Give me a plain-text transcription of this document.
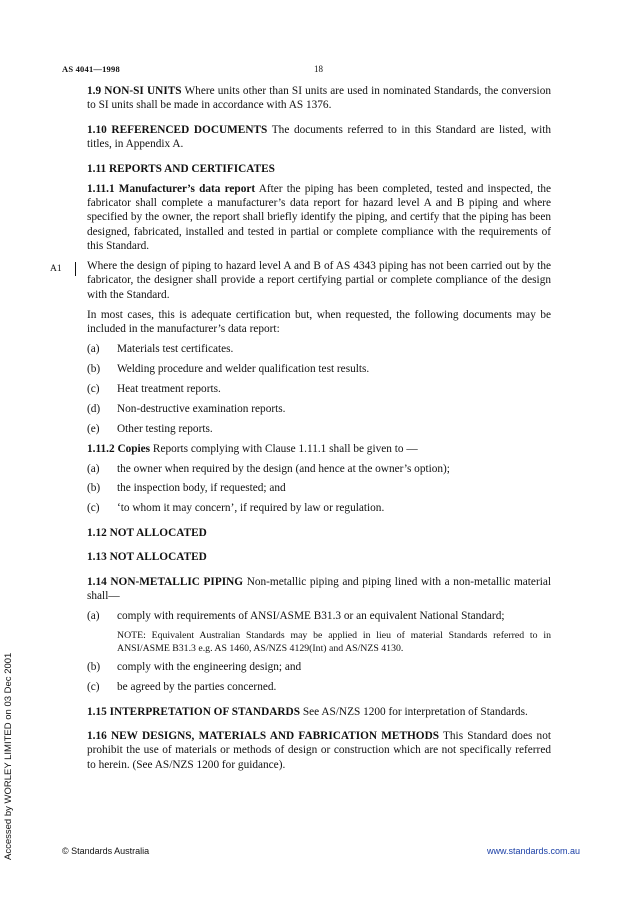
AS 4041—1998	18
A1
Accessed by WORLEY LIMITED on 03 Dec 2001

1.9 NON-SI UNITS Where units other than SI units are used in nominated Standards, the conversion to SI units shall be made in accordance with AS 1376.

1.10 REFERENCED DOCUMENTS The documents referred to in this Standard are listed, with titles, in Appendix A.

1.11 REPORTS AND CERTIFICATES

1.11.1 Manufacturer’s data report After the piping has been completed, tested and inspected, the fabricator shall complete a manufacturer’s data report for hazard level A and B piping and where specified by the owner, the report shall briefly identify the piping, and certify that the piping has been designed, fabricated, installed and tested in partial or complete compliance with the requirements of this Standard.

Where the design of piping to hazard level A and B of AS 4343 piping has not been carried out by the fabricator, the designer shall provide a report certifying partial or complete compliance of the design with the Standard.

In most cases, this is adequate certification but, when requested, the following documents may be included in the manufacturer’s data report:

(a)	Materials test certificates.
(b)	Welding procedure and welder qualification test results.
(c)	Heat treatment reports.
(d)	Non-destructive examination reports.
(e)	Other testing reports.

1.11.2 Copies Reports complying with Clause 1.11.1 shall be given to —

(a)	the owner when required by the design (and hence at the owner’s option);
(b)	the inspection body, if requested; and
(c)	‘to whom it may concern’, if required by law or regulation.

1.12 NOT ALLOCATED

1.13 NOT ALLOCATED

1.14 NON-METALLIC PIPING Non-metallic piping and piping lined with a non-metallic material shall—

(a)	comply with requirements of ANSI/ASME B31.3 or an equivalent National Standard;

NOTE: Equivalent Australian Standards may be applied in lieu of material Standards referred to in ANSI/ASME B31.3 e.g. AS 1460, AS/NZS 4129(Int) and AS/NZS 4130.

(b)	comply with the engineering design; and
(c)	be agreed by the parties concerned.

1.15 INTERPRETATION OF STANDARDS See AS/NZS 1200 for interpretation of Standards.

1.16 NEW DESIGNS, MATERIALS AND FABRICATION METHODS This Standard does not prohibit the use of materials or methods of design or construction which are not specifically referred to herein. (See AS/NZS 1200 for guidance).

© Standards Australia	www.standards.com.au
